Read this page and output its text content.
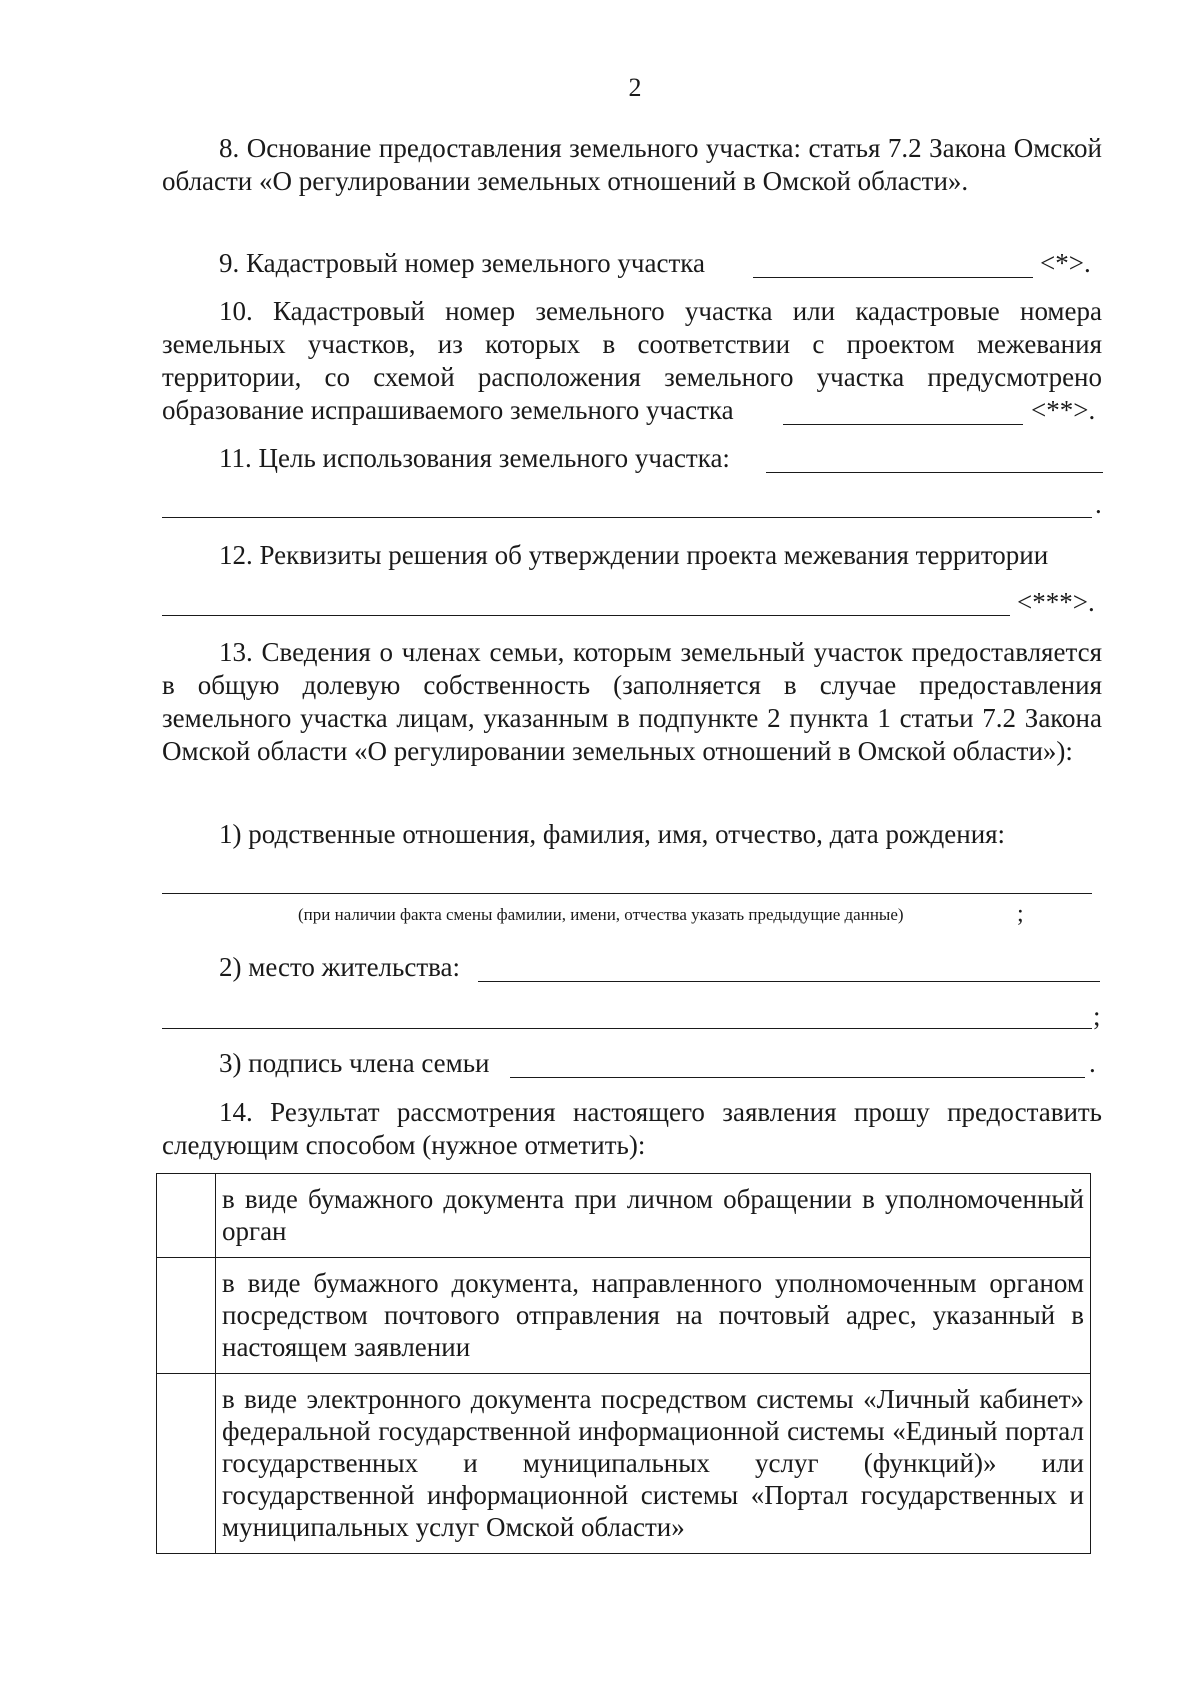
2
8. Основание предоставления земельного участка: статья 7.2 Закона Омской области «О регулировании земельных отношений в Омской области».
9. Кадастровый номер земельного участка	<*>.
10. Кадастровый номер земельного участка или кадастровые номера
земельных участков, из которых в соответствии с проектом межевания
территории, со схемой расположения земельного участка предусмотрено
образование испрашиваемого земельного участка	<**>.
11. Цель использования земельного участка:
.
12. Реквизиты решения об утверждении проекта межевания территории
<***>.
13. Сведения о членах семьи, которым земельный участок предоставляется в общую долевую собственность (заполняется в случае предоставления земельного участка лицам, указанным в подпункте 2 пункта 1 статьи 7.2 Закона Омской области «О регулировании земельных отношений в Омской области»):
1) родственные отношения, фамилия, имя, отчество, дата рождения:
(при наличии факта смены фамилии, имени, отчества указать предыдущие данные)	;
2) место жительства:
;
3) подпись члена семьи	.
14. Результат рассмотрения настоящего заявления прошу предоставить следующим способом (нужное отметить):
	в виде бумажного документа при личном обращении в уполномоченный орган
	в виде бумажного документа, направленного уполномоченным органом посредством почтового отправления на почтовый адрес, указанный в настоящем заявлении
	в виде электронного документа посредством системы «Личный кабинет» федеральной государственной информационной системы «Единый портал государственных и муниципальных услуг (функций)» или государственной информационной системы «Портал государственных и муниципальных услуг Омской области»
